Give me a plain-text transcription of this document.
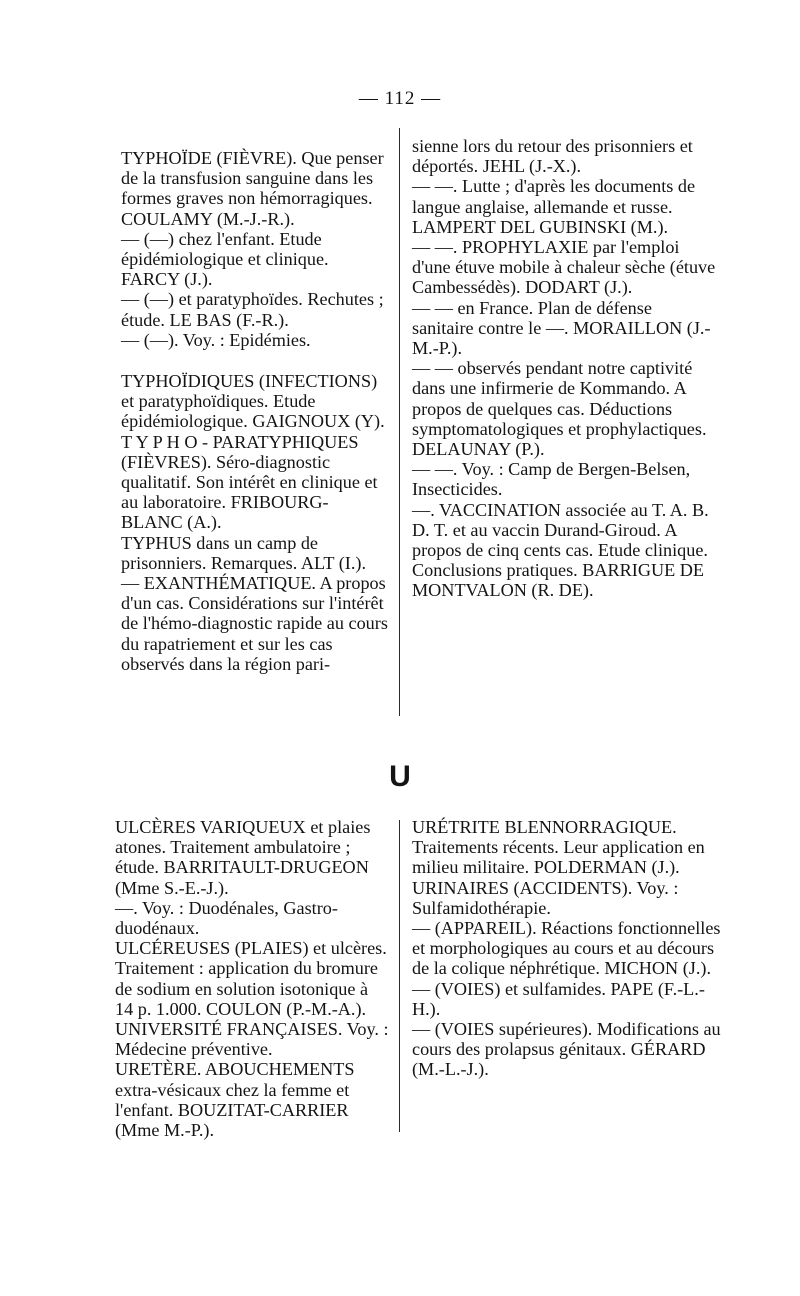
— 112 —

TYPHOÏDE (FIÈVRE). Que penser de la transfusion sanguine dans les formes graves non hémorragiques. COULAMY (M.-J.-R.).

— (—) chez l'enfant. Etude épidémiologique et clinique. FARCY (J.).

— (—) et paratyphoïdes. Rechutes ; étude. LE BAS (F.-R.).

— (—). Voy. : Epidémies.

TYPHOÏDIQUES (INFECTIONS) et paratyphoïdiques. Etude épidémiologique. GAIGNOUX (Y).

T Y P H O - PARATYPHIQUES (FIÈVRES). Séro-diagnostic qualitatif. Son intérêt en clinique et au laboratoire. FRIBOURG-BLANC (A.).

TYPHUS dans un camp de prisonniers. Remarques. ALT (I.).

— EXANTHÉMATIQUE. A propos d'un cas. Considérations sur l'intérêt de l'hémo-diagnostic rapide au cours du rapatriement et sur les cas observés dans la région pari-

sienne lors du retour des prisonniers et déportés. JEHL (J.-X.).

— —. Lutte ; d'après les documents de langue anglaise, allemande et russe. LAMPERT DEL GUBINSKI (M.).

— —. PROPHYLAXIE par l'emploi d'une étuve mobile à chaleur sèche (étuve Cambessédès). DODART (J.).

— — en France. Plan de défense sanitaire contre le —. MORAILLON (J.-M.-P.).

— — observés pendant notre captivité dans une infirmerie de Kommando. A propos de quelques cas. Déductions symptomatologiques et prophylactiques. DELAUNAY (P.).

— —. Voy. : Camp de Bergen-Belsen, Insecticides.

—. VACCINATION associée au T. A. B. D. T. et au vaccin Durand-Giroud. A propos de cinq cents cas. Etude clinique. Conclusions pratiques. BARRIGUE DE MONTVALON (R. DE).

U

ULCÈRES VARIQUEUX et plaies atones. Traitement ambulatoire ; étude. BARRITAULT-DRUGEON (Mme S.-E.-J.).

—. Voy. : Duodénales, Gastro-duodénaux.

ULCÉREUSES (PLAIES) et ulcères. Traitement : application du bromure de sodium en solution isotonique à 14 p. 1.000. COULON (P.-M.-A.).

UNIVERSITÉ FRANÇAISES. Voy. : Médecine préventive.

URETÈRE. ABOUCHEMENTS extra-vésicaux chez la femme et l'enfant. BOUZITAT-CARRIER (Mme M.-P.).

URÉTRITE BLENNORRAGIQUE. Traitements récents. Leur application en milieu militaire. POLDERMAN (J.).

URINAIRES (ACCIDENTS). Voy. : Sulfamidothérapie.

— (APPAREIL). Réactions fonctionnelles et morphologiques au cours et au décours de la colique néphrétique. MICHON (J.).

— (VOIES) et sulfamides. PAPE (F.-L.-H.).

— (VOIES supérieures). Modifications au cours des prolapsus génitaux. GÉRARD (M.-L.-J.).
